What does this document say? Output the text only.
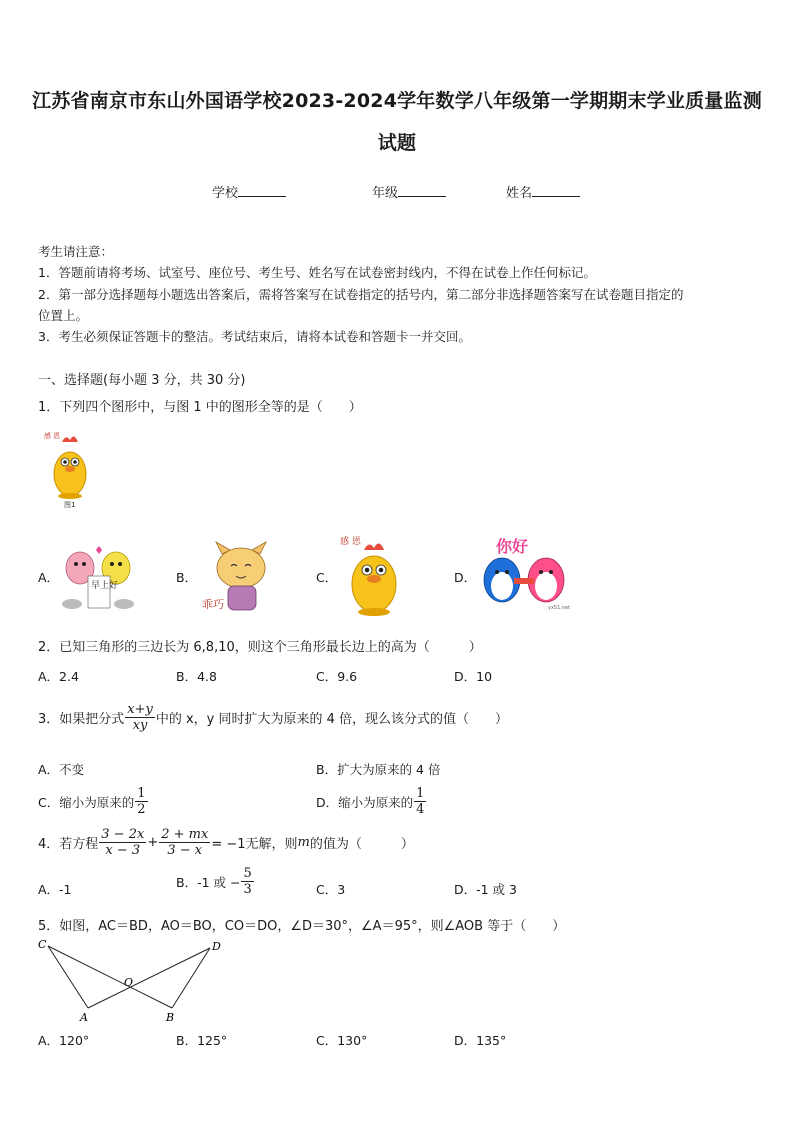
江苏省南京市东山外国语学校2023-2024学年数学八年级第一学期期末学业质量监测
试题
学校	年级	姓名
考生请注意：
1．答题前请将考场、试室号、座位号、考生号、姓名写在试卷密封线内，不得在试卷上作任何标记。
2．第一部分选择题每小题选出答案后，需将答案写在试卷指定的括号内，第二部分非选择题答案写在试卷题目指定的
位置上。
3．考生必须保证答题卡的整洁。考试结束后，请将本试卷和答题卡一并交回。
一、选择题(每小题 3 分，共 30 分)
1．下列四个图形中，与图 1 中的图形全等的是（　　）
感 恩
图1
A．
早上好
B．
乖巧
C．
感 恩
D．
你好
yx51.net
2．已知三角形的三边长为 6,8,10，则这个三角形最长边上的高为（　　　）
A．2.4	B．4.8	C．9.6	D．10
3．如果把分式 $\frac{x+y}{xy}$ 中的 x，y 同时扩大为原来的 4 倍，现么该分式的值（　　）
A．不变	B．扩大为原来的 4 倍
C．缩小为原来的 $\frac{1}{2}$	D．缩小为原来的 $\frac{1}{4}$
4．若方程 $\frac{3 - 2x}{x - 3} + \frac{2 + mx}{3 - x} = -1$无解，则 m 的值为（　　　）
A．-1	B．-1 或 − $\frac{5}{3}$	C．3	D．-1 或 3
5．如图，AC＝BD，AO＝BO，CO＝DO，∠D＝30°，∠A＝95°，则∠AOB 等于（　　）
C	D
O
A	B
A．120°	B．125°	C．130°	D．135°
